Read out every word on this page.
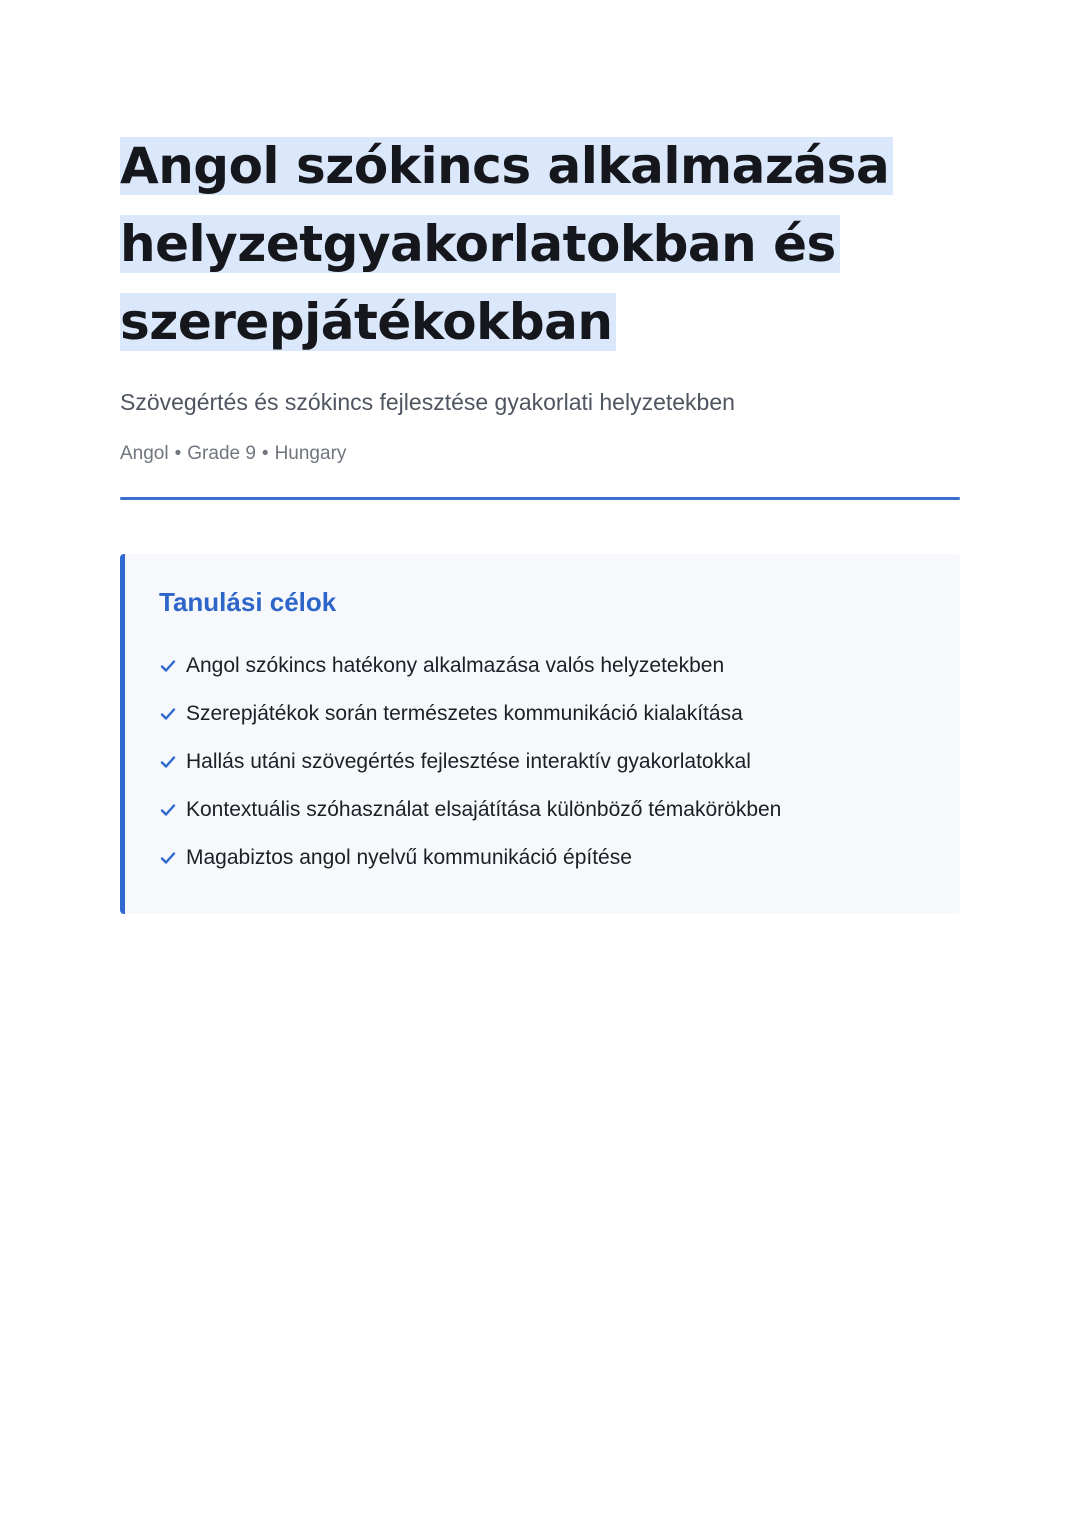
Angol szókincs alkalmazása
helyzetgyakorlatokban és
szerepjátékokban

Szövegértés és szókincs fejlesztése gyakorlati helyzetekben

Angol • Grade 9 • Hungary
Tanulási célok
Angol szókincs hatékony alkalmazása valós helyzetekben
Szerepjátékok során természetes kommunikáció kialakítása
Hallás utáni szövegértés fejlesztése interaktív gyakorlatokkal
Kontextuális szóhasználat elsajátítása különböző témakörökben
Magabiztos angol nyelvű kommunikáció építése
